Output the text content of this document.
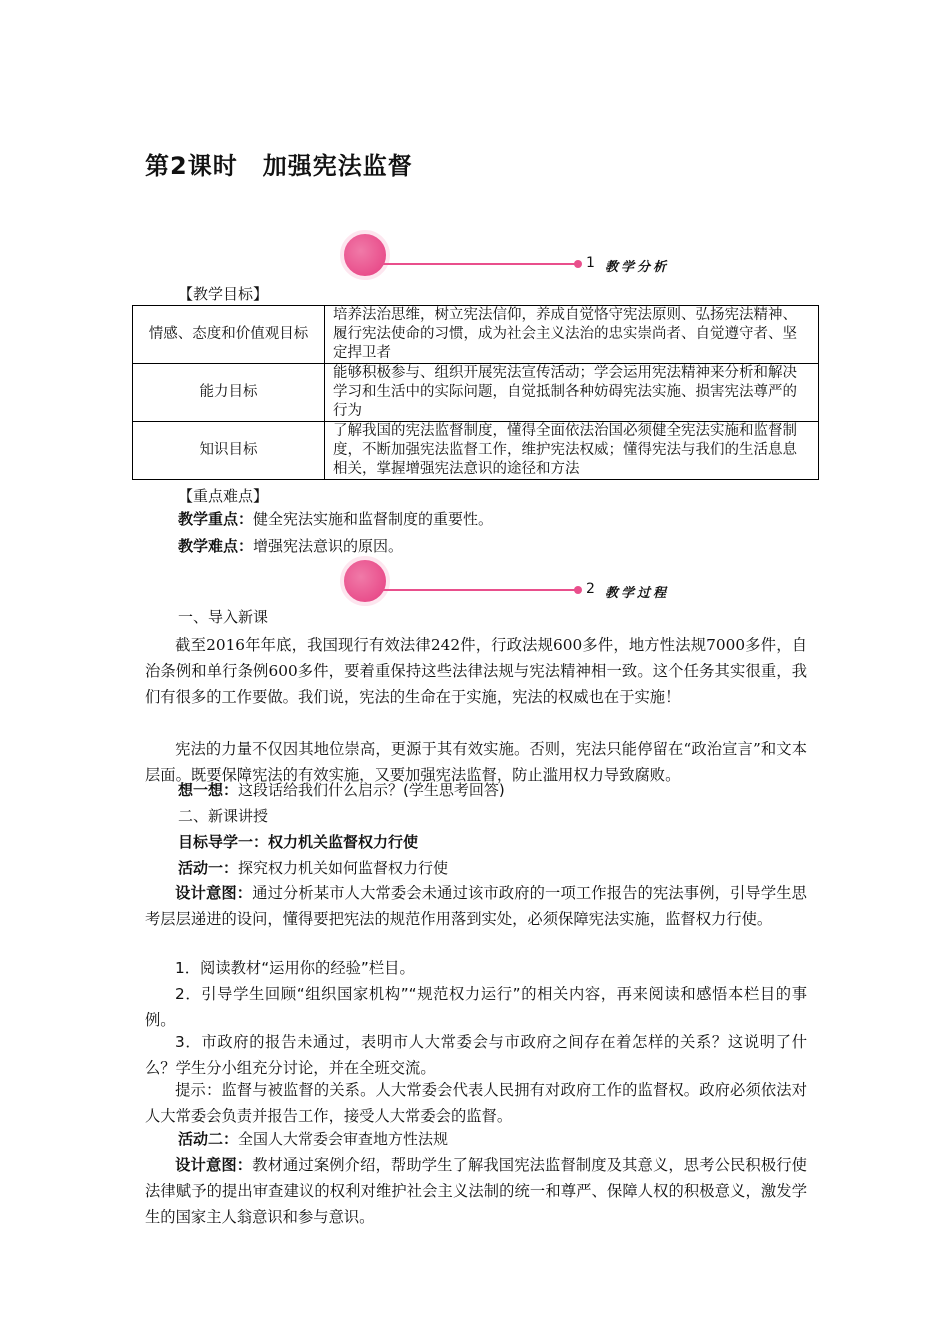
第2课时　加强宪法监督
1 教学分析
【教学目标】
情感、态度和价值观目标	培养法治思维，树立宪法信仰，养成自觉恪守宪法原则、弘扬宪法精神、履行宪法使命的习惯，成为社会主义法治的忠实崇尚者、自觉遵守者、坚定捍卫者
能力目标	能够积极参与、组织开展宪法宣传活动；学会运用宪法精神来分析和解决学习和生活中的实际问题，自觉抵制各种妨碍宪法实施、损害宪法尊严的行为
知识目标	了解我国的宪法监督制度，懂得全面依法治国必须健全宪法实施和监督制度，不断加强宪法监督工作，维护宪法权威；懂得宪法与我们的生活息息相关，掌握增强宪法意识的途径和方法
【重点难点】
教学重点：健全宪法实施和监督制度的重要性。
教学难点：增强宪法意识的原因。
2 教学过程
一、导入新课
截至2016年年底，我国现行有效法律242件，行政法规600多件，地方性法规7000多件，自治条例和单行条例600多件，要着重保持这些法律法规与宪法精神相一致。这个任务其实很重，我们有很多的工作要做。我们说，宪法的生命在于实施，宪法的权威也在于实施！
宪法的力量不仅因其地位崇高，更源于其有效实施。否则，宪法只能停留在“政治宣言”和文本层面。既要保障宪法的有效实施，又要加强宪法监督，防止滥用权力导致腐败。
想一想：这段话给我们什么启示？(学生思考回答)
二、新课讲授
目标导学一：权力机关监督权力行使
活动一：探究权力机关如何监督权力行使
设计意图：通过分析某市人大常委会未通过该市政府的一项工作报告的宪法事例，引导学生思考层层递进的设问，懂得要把宪法的规范作用落到实处，必须保障宪法实施，监督权力行使。
1．阅读教材“运用你的经验”栏目。
2．引导学生回顾“组织国家机构”“规范权力运行”的相关内容，再来阅读和感悟本栏目的事例。
3．市政府的报告未通过，表明市人大常委会与市政府之间存在着怎样的关系？这说明了什么？学生分小组充分讨论，并在全班交流。
提示：监督与被监督的关系。人大常委会代表人民拥有对政府工作的监督权。政府必须依法对人大常委会负责并报告工作，接受人大常委会的监督。
活动二：全国人大常委会审查地方性法规
设计意图：教材通过案例介绍，帮助学生了解我国宪法监督制度及其意义，思考公民积极行使法律赋予的提出审查建议的权利对维护社会主义法制的统一和尊严、保障人权的积极意义，激发学生的国家主人翁意识和参与意识。
